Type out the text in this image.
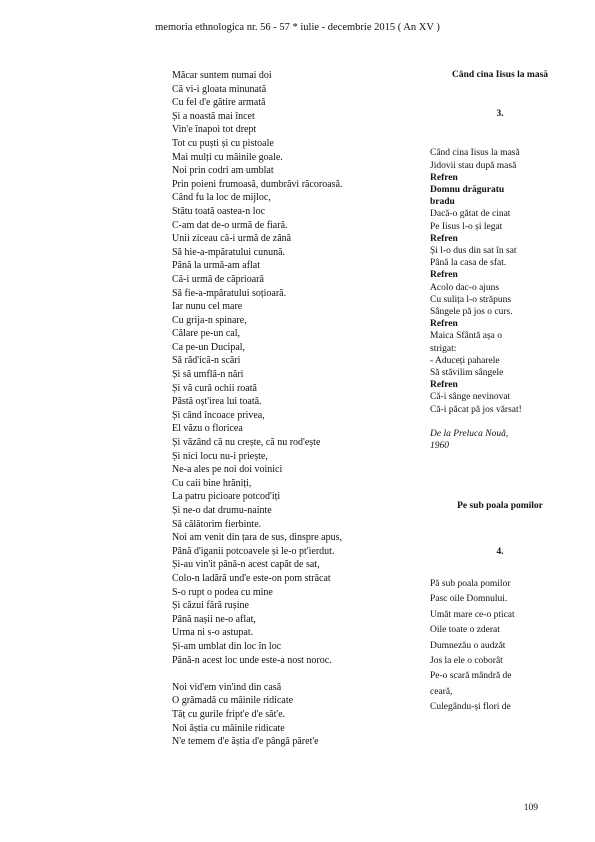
memoria ethnologica nr. 56 - 57 * iulie - decembrie 2015 ( An XV )
Măcar suntem numai doi
Că vi-i gloata minunată
Cu fel d'e gătire armată
Și a noastă mai încet
Vin'e înapoi tot drept
Tot cu puști și cu pistoale
Mai mulți cu mâinile goale.
Noi prin codri am umblat
Prin poieni frumoasă, dumbrăvi răcoroasă.
Când fu la loc de mijloc,
Stătu toată oastea-n loc
C-am dat de-o urmă de fiară.
Unii ziceau că-i urmă de zână
Să hie-a-mpăratului cunună.
Până la urmă-am aflat
Că-i urmă de căprioară
Să fie-a-mpăratului soțioară.
Iar nunu cel mare
Cu grija-n spinare,
Călare pe-un cal,
Ca pe-un Ducipal,
Să răd'ică-n scări
Și să umflă-n nări
Și vă cură ochii roată
Păstă oșt'irea lui toată.
Și când încoace privea,
El văzu o floricea
Și văzând că nu crește, că nu rod'ește
Și nici locu nu-i priește,
Ne-a ales pe noi doi voinici
Cu caii bine hrăniți,
La patru picioare potcod'iți
Și ne-o dat drumu-nainte
Să călătorim fierbinte.
Noi am venit din țara de sus, dinspre apus,
Până d'iganii potcoavele și le-o pt'ierdut.
Și-au vin'it până-n acest capăt de sat,
Colo-n ladără und'e este-on pom străcat
S-o rupt o podea cu mine
Și căzui fără rușine
Până nașii ne-o aflat,
Urma ni s-o astupat.
Și-am umblat din loc în loc
Până-n acest loc unde este-a nost noroc.
Noi vid'em vin'ind din casă
O grămadă cu mâinile ridicate
Tăț cu gurile fript'e d'e săt'e.
Noi ăștia cu mâinile ridicate
N'e temem d'e ăștia d'e pângă păret'e
Când cina Iisus la masă
3.
Când cina Iisus la masă
Jidovii stau după masă
Refren
Domnu drăguratu
bradu
Dacă-o gătat de cinat
Pe Iisus l-o și legat
Refren
Și l-o dus din sat în sat
Până la casa de sfat.
Refren
Acolo dac-o ajuns
Cu sulița l-o străpuns
Sângele pă jos o curs.
Refren
Maica Sfântă așa o
strigat:
- Aduceți paharele
Să stăvilim sângele
Refren
Că-i sânge nevinovat
Că-i păcat pă jos vărsat!
De la Preluca Nouă,
1960
Pe sub poala pomilor
4.
Pă sub poala pomilor
Pasc oile Domnului.
Umăt mare ce-o pticat
Oile toate o zderat
Dumnezău o audzăt
Jos la ele o coborât
Pe-o scară mândră de
ceară,
Culegându-și flori de
109
